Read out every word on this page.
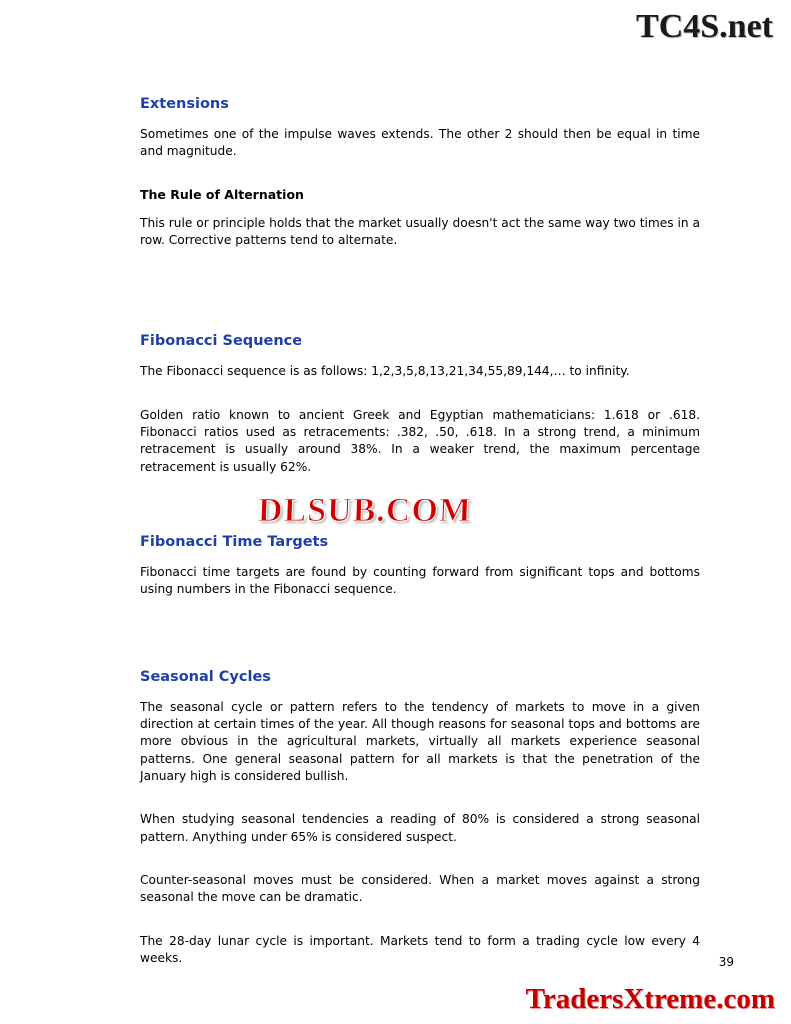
TC4S.net
Extensions

Sometimes one of the impulse waves extends. The other 2 should then be equal in time and magnitude.

The Rule of Alternation

This rule or principle holds that the market usually doesn't act the same way two times in a row. Corrective patterns tend to alternate.

Fibonacci Sequence

The Fibonacci sequence is as follows: 1,2,3,5,8,13,21,34,55,89,144,… to infinity.

Golden ratio known to ancient Greek and Egyptian mathematicians: 1.618 or .618. Fibonacci ratios used as retracements: .382, .50, .618. In a strong trend, a minimum retracement is usually around 38%. In a weaker trend, the maximum percentage retracement is usually 62%.

Fibonacci Time Targets

Fibonacci time targets are found by counting forward from significant tops and bottoms using numbers in the Fibonacci sequence.

Seasonal Cycles

The seasonal cycle or pattern refers to the tendency of markets to move in a given direction at certain times of the year. All though reasons for seasonal tops and bottoms are more obvious in the agricultural markets, virtually all markets experience seasonal patterns. One general seasonal pattern for all markets is that the penetration of the January high is considered bullish.

When studying seasonal tendencies a reading of 80% is considered a strong seasonal pattern. Anything under 65% is considered suspect.

Counter-seasonal moves must be considered. When a market moves against a strong seasonal the move can be dramatic.

The 28-day lunar cycle is important. Markets tend to form a trading cycle low every 4 weeks.

DLSUB.COM
39
TradersXtreme.com
